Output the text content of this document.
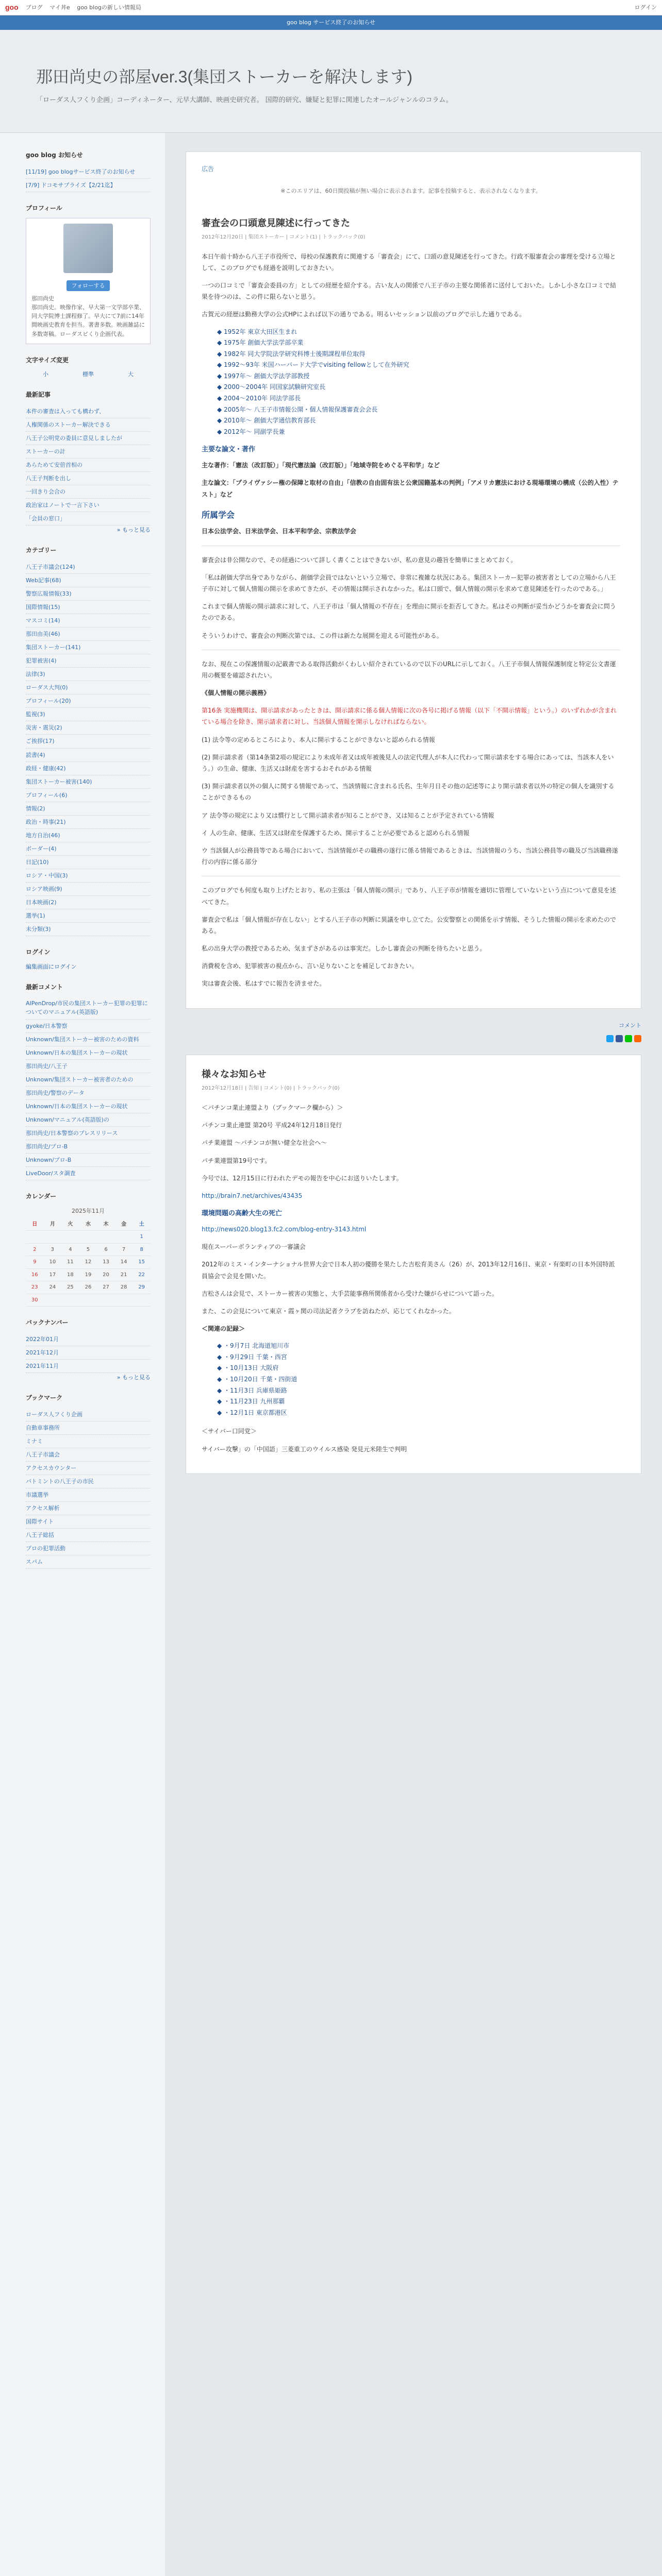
goo ブログ マイ丼e goo blogの新しい情報局	ログイン
goo blog サービス終了のお知らせ
那田尚史の部屋ver.3(集団ストーカーを解決します)

「ローダス人フくり企画」コーディネーター、元早大講師、映画史研究者。 国際的研究、嫌疑と犯罪に関連したオールジャンルのコラム。

goo blog お知らせ
[11/19] goo blogサービス終了のお知らせ
[7/9] ドコモサプライズ【2/21迄】
プロフィール
フォローする
那田尚史
那田尚史。映像作家、早大第一文学部卒業、同大学院博士課程修了。早大にて7前に14年間映画史教育を担当。著書多数。映画雑誌に多数寄稿。ローダスピくり企画代表。
文字サイズ変更
小	標準	大
最新記事
本件の審査は入っても構わず、
人権関係のストーカー解決できる
八王子公明党の委員に意見しましたが
ストーカーの計
あらためて安倍首相の
八王子判断を出し
一回きり会合の
政治家はノートで一言下さい
「会員の窓口」
» もっと見る
カテゴリー
八王子市議会(124)
Web記事(68)
警察広報情報(33)
国際情報(15)
マスコミ(14)
那田由美(46)
集団ストーカー(141)
犯罪被害(4)
法律(3)
ローダス大判(0)
プロフィール(20)
監視(3)
災害・震災(2)
ご挨拶(17)
読書(4)
政経・健康(42)
集団ストーカー被害(140)
プロフィール(6)
情報(2)
政治・時事(21)
地方自治(46)
ボーダー(4)
日記(10)
ロシア・中国(3)
ロシア映画(9)
日本映画(2)
選挙(1)
未分類(3)
ログイン
編集画面にログイン
最新コメント
AIPenDrop/市民の集団ストーカー犯罪の犯罪についてのマニュアル(英語版)
gyoke/日本警察
Unknown/集団ストーカー被害のための資料
Unknown/日本の集団ストーカーの現状
那田尚史/八王子
Unknown/集団ストーカー被害者のための
那田尚史/警察のデータ
Unknown/日本の集団ストーカーの現状
Unknown/マニュアル(英語版)の
那田尚史/日本警察のプレスリリース
那田尚史/プロ-B
Unknown/プロ-B
LiveDoor/スタ調査
カレンダー
2025年11月
日	月	火	水	木	金	土
						1
2	3	4	5	6	7	8
9	10	11	12	13	14	15
16	17	18	19	20	21	22
23	24	25	26	27	28	29
30						
バックナンバー
2022年01月
2021年12月
2021年11月
» もっと見る
ブックマーク
ローダス人フくり企画
自動車事務所
ミナミ
八王子市議会
アクセスカウンター
バトミントの八王子の市民
市議選挙
アクセス解析
国際サイト
八王子総括
プロの犯罪活動
スパム
広告
※このエリアは、60日間投稿が無い場合に表示されます。記事を投稿すると、表示されなくなります。
審査会の口頭意見陳述に行ってきた
2012年12月20日 | 集団ストーカー | コメント(1) | トラックバック(0)

本日午前十時から八王子市役所で、母校の保護教育に関連する「審査会」にて、口頭の意見陳述を行ってきた。行政不服審査会の審理を受ける立場として、このブログでも経過を説明しておきたい。

一つの口コミで「審査会委員の方」としての経歴を紹介する。古い友人の関係で八王子市の主要な関係者に送付しておいた。しかし小さな口コミで結果を待つのは、この件に限らないと思う。

古賀元の経歴は勤務大学の公式HPによれば以下の通りである。明るいセッション以前のブログで示した通りである。

◆ 1952年 東京大田区生まれ
◆ 1975年 創価大学法学部卒業
◆ 1982年 同大学院法学研究科博士後期課程単位取得
◆ 1992〜93年 米国ハーバード大学でvisiting fellowとして在外研究
◆ 1997年〜 創価大学法学部教授
◆ 2000〜2004年 同国家試験研究室長
◆ 2004〜2010年 同法学部長
◆ 2005年〜 八王子市情報公開・個人情報保護審査会会長
◆ 2010年〜 創価大学通信教育部長
◆ 2012年〜 同副学長兼
主要な論文・著作

主な著作：「憲法（改訂版）」「現代憲法論（改訂版）」「地域寺院をめぐる平和学」など

主な論文：「プライヴァシー権の保障と取材の自由」「信教の自由固有法と公衆国籍基本の判例」「アメリカ憲法における現場環境の構成（公的入性）テスト」など

所属学会

日本公法学会、日米法学会、日本平和学会、宗教法学会

審査会は非公開なので、その経過について詳しく書くことはできないが、私の意見の趣旨を簡単にまとめておく。

「私は創価大学出身でありながら、創価学会員ではないという立場で、非常に複雑な状況にある。集団ストーカー犯罪の被害者としての立場から八王子市に対して個人情報の開示を求めてきたが、その情報は開示されなかった。私は口頭で、個人情報の開示を求めて意見陳述を行ったのである。」

これまで個人情報の開示請求に対して、八王子市は「個人情報の不存在」を理由に開示を拒否してきた。私はその判断が妥当かどうかを審査会に問うたのである。

そういうわけで、審査会の判断次第では、この件は新たな展開を迎える可能性がある。

なお、現在この保護情報の記載書である取得活動がくわしい紹介されているので以下のURLに示しておく。八王子市個人情報保護制度と特定公文書運用の概要を確認されたい。

《個人情報の開示義務》

第16条 実施機関は、開示請求があったときは、開示請求に係る個人情報に次の各号に掲げる情報（以下「不開示情報」という。）のいずれかが含まれている場合を除き、開示請求者に対し、当該個人情報を開示しなければならない。

(1) 法令等の定めるところにより、本人に開示することができないと認められる情報

(2) 開示請求者（第14条第2項の規定により未成年者又は成年被後見人の法定代理人が本人に代わって開示請求をする場合にあっては、当該本人をいう。）の生命、健康、生活又は財産を害するおそれがある情報

(3) 開示請求者以外の個人に関する情報であって、当該情報に含まれる氏名、生年月日その他の記述等により開示請求者以外の特定の個人を識別することができるもの

ア 法令等の規定により又は慣行として開示請求者が知ることができ、又は知ることが予定されている情報

イ 人の生命、健康、生活又は財産を保護するため、開示することが必要であると認められる情報

ウ 当該個人が公務員等である場合において、当該情報がその職務の遂行に係る情報であるときは、当該情報のうち、当該公務員等の職及び当該職務遂行の内容に係る部分

このブログでも何度も取り上げたとおり、私の主張は「個人情報の開示」であり、八王子市が情報を適切に管理していないという点について意見を述べてきた。

審査会で私は「個人情報が存在しない」とする八王子市の判断に異議を申し立てた。公安警察との関係を示す情報、そうした情報の開示を求めたのである。

私の出身大学の教授であるため、気まずさがあるのは事実だ。しかし審査会の判断を待ちたいと思う。

消費税を含め、犯罪被害の視点から、言い足りないことを補足しておきたい。

実は審査会後、私はすでに報告を済ませた。

コメント
様々なお知らせ
2012年12月18日 | 告知 | コメント(0) | トラックバック(0)

＜パチンコ業止連盟より（ブックマーク欄から）＞

パチンコ業止連盟 第20号 平成24年12月18日発行

パチ業連盟 〜パチンコが無い健全な社会へ〜

パチ業連盟第19号です。

今号では、12月15日に行われたデモの報告を中心にお送りいたします。

http://brain7.net/archives/43435

環境問題の高齢大生の死亡

http://news020.blog13.fc2.com/blog-entry-3143.html

現在スーパーボランティアの一審議会

2012年のミス・インターナショナル世界大会で日本人初の優勝を果たした吉松育美さん（26）が、2013年12月16日、東京・有楽町の日本外国特派員協会で会見を開いた。

吉松さんは会見で、ストーカー被害の実態と、大手芸能事務所関係者から受けた嫌がらせについて語った。

また、この会見について東京・霞ヶ関の司法記者クラブを訪ねたが、応じてくれなかった。

＜関連の記録＞

◆ ・9月7日 北海道旭川市
◆ ・9月29日 千葉・西宮
◆ ・10月13日 大阪府
◆ ・10月20日 千葉・四街道
◆ ・11月3日 兵庫県姫路
◆ ・11月23日 九州那覇
◆ ・12月1日 東京都港区

＜サイバー口同党＞

サイバー攻撃」の「中国語」三菱重工のウイルス感染 発見元米陸生で判明
